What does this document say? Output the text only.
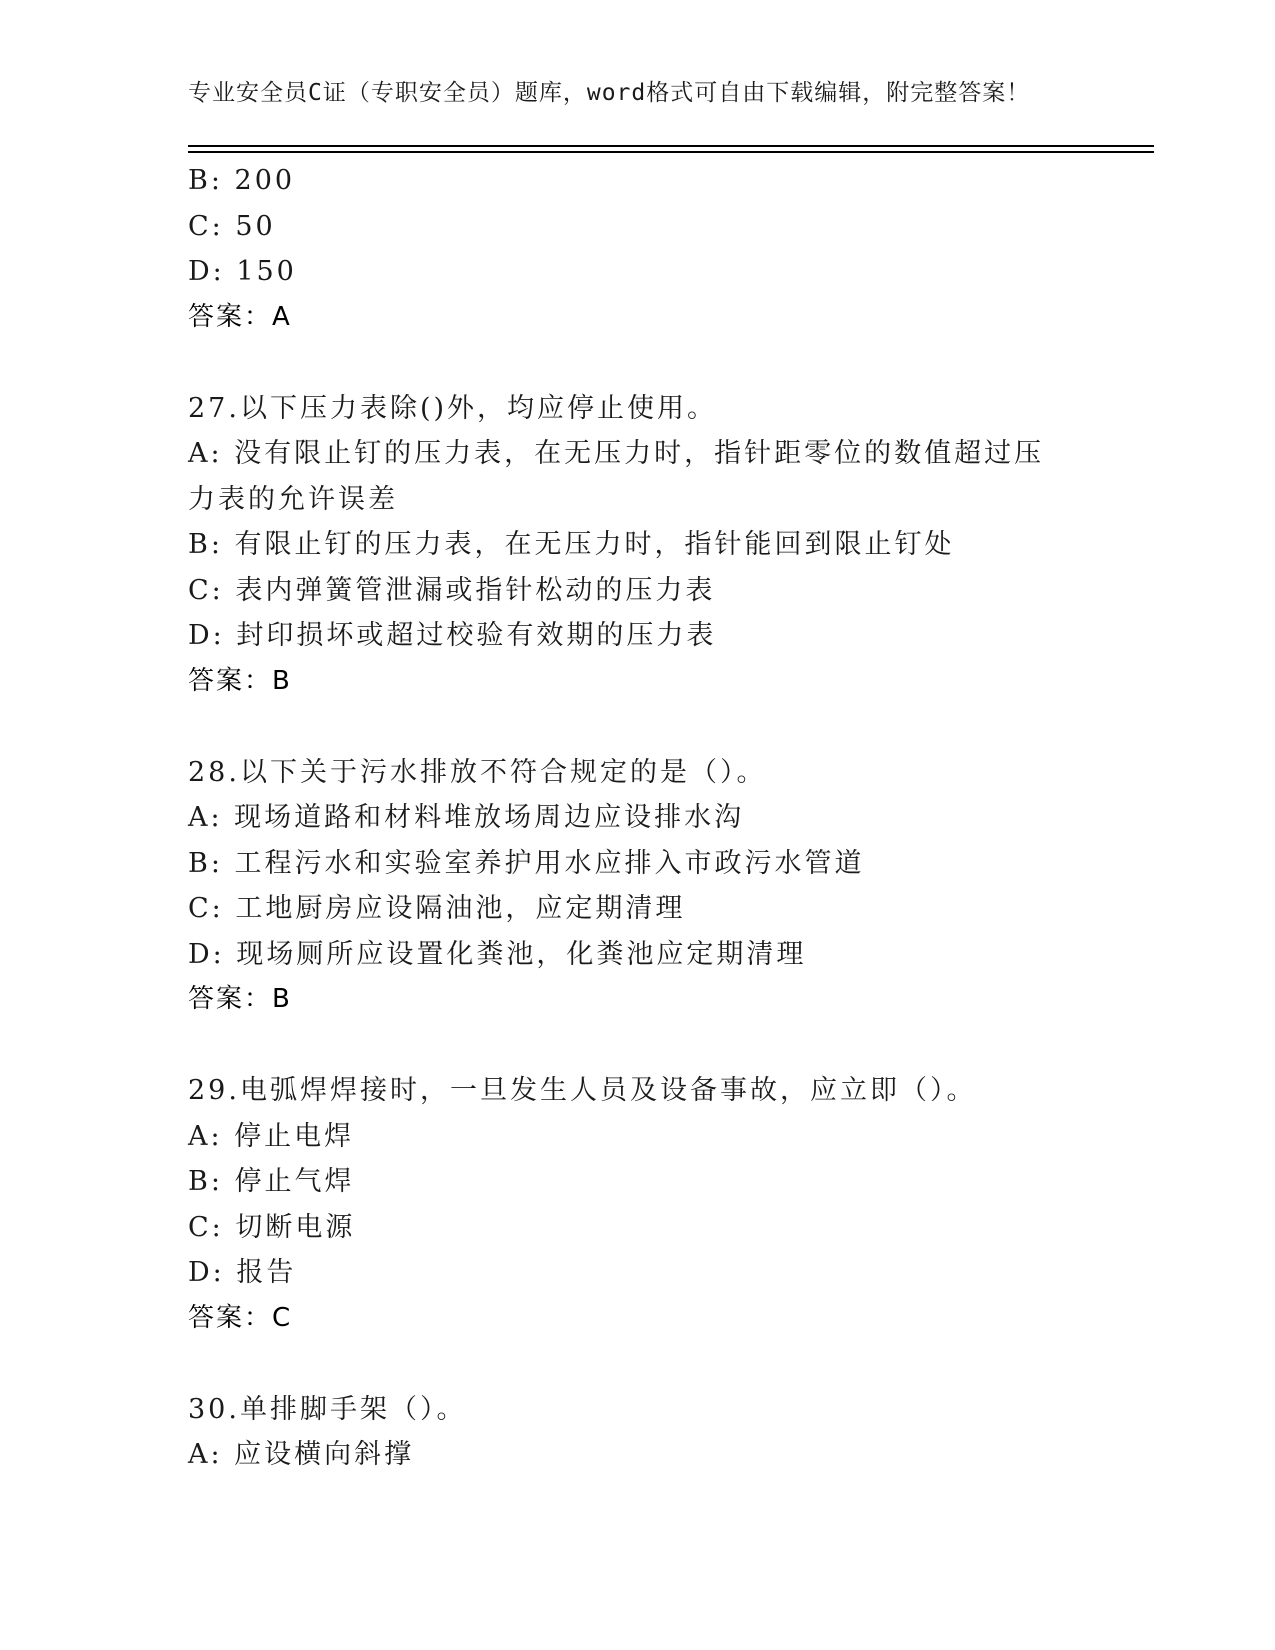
专业安全员C证（专职安全员）题库，word格式可自由下载编辑，附完整答案！
B: 200
C: 50
D: 150
答案：A
27.以下压力表除()外，均应停止使用。
A: 没有限止钉的压力表，在无压力时，指针距零位的数值超过压力表的允许误差
B: 有限止钉的压力表，在无压力时，指针能回到限止钉处
C: 表内弹簧管泄漏或指针松动的压力表
D: 封印损坏或超过校验有效期的压力表
答案：B
28.以下关于污水排放不符合规定的是（）。
A: 现场道路和材料堆放场周边应设排水沟
B: 工程污水和实验室养护用水应排入市政污水管道
C: 工地厨房应设隔油池，应定期清理
D: 现场厕所应设置化粪池，化粪池应定期清理
答案：B
29.电弧焊焊接时，一旦发生人员及设备事故，应立即（）。
A: 停止电焊
B: 停止气焊
C: 切断电源
D: 报告
答案：C
30.单排脚手架（）。
A: 应设横向斜撑
